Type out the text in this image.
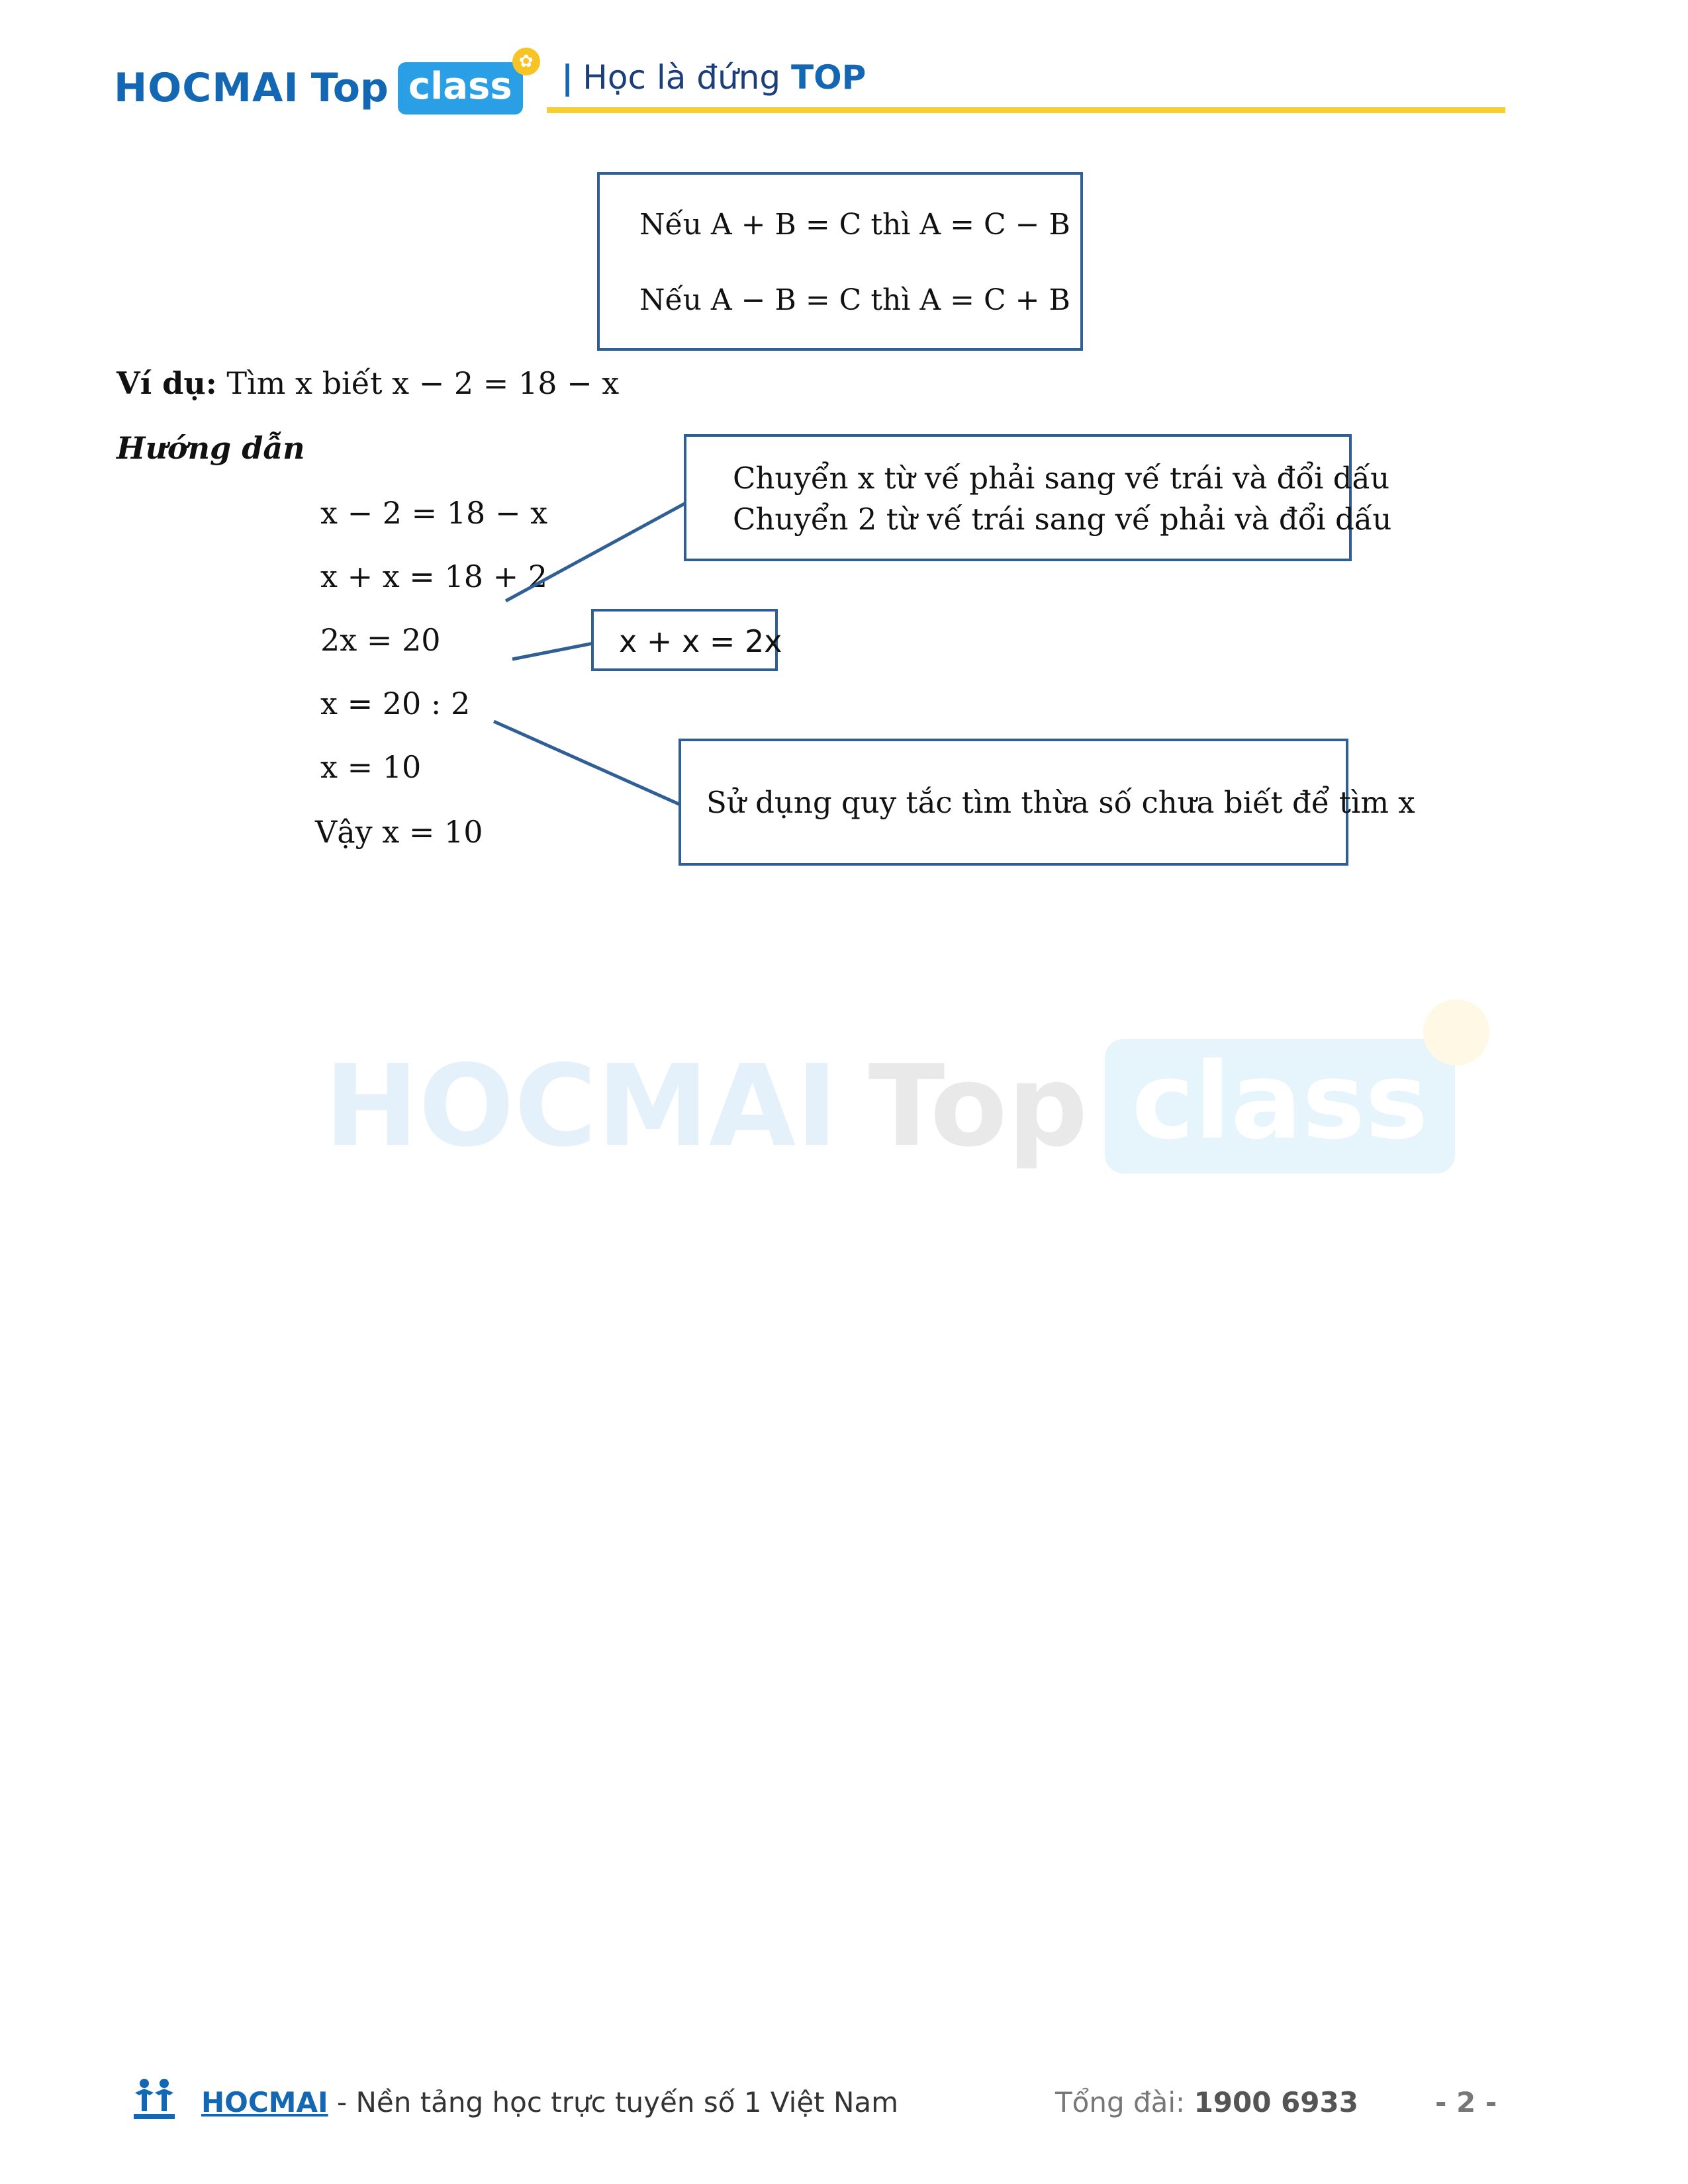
HOCMAI Top class
✿ | Học là đứng TOP
Nếu A + B = C thì A = C − B
Nếu A − B = C thì A = C + B
Ví dụ: Tìm x biết x − 2 = 18 − x
Hướng dẫn
x − 2 = 18 − x
x + x = 18 + 2
2x = 20
x = 20 : 2
x = 10
Vậy x = 10
Chuyển x từ vế phải sang vế trái và đổi dấu
Chuyển 2 từ vế trái sang vế phải và đổi dấu
x + x = 2x
Sử dụng quy tắc tìm thừa số chưa biết để tìm x
HOCMAI Top class
HOCMAI - Nền tảng học trực tuyến số 1 Việt Nam	Tổng đài: 1900 6933	- 2 -
